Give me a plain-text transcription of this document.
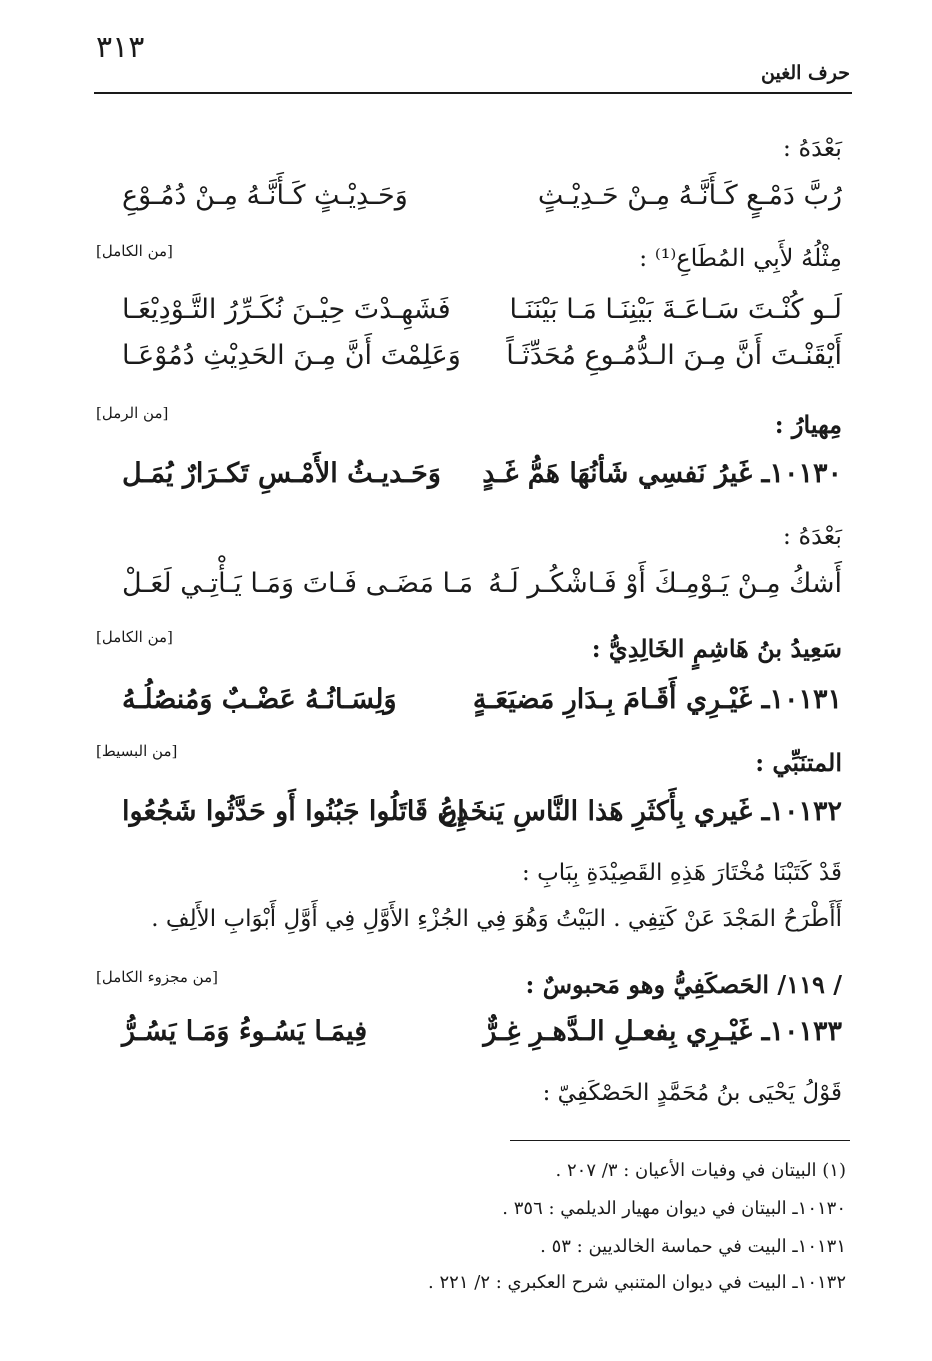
٣١٣
حرف الغين
بَعْدَهُ :
رُبَّ دَمْـعٍ كَـأَنَّـهُ مِـنْ حَـدِيْـثٍ
وَحَـدِيْـثٍ كَـأَنَّـهُ مِـنْ دُمُـوْعِ
مِثْلُهُ لأَبِي المُطَاعِ⁽¹⁾ :
[من الكامل]
لَـو كُنْـتَ سَـاعَـةَ بَيْنِنَـا مَـا بَيْنَنَـا
فَشَهِـدْتَ حِيْـنَ نُكَـرِّرُ التَّـوْدِيْعَـا
أَيْقَنْـتَ أَنَّ مِـنَ الـدُّمُـوعِ مُحَدِّثَـاً
وَعَلِمْتَ أَنَّ مِـنَ الحَدِيْثِ دُمُوْعَـا
مِهيارُ :
[من الرمل]
١٠١٣٠ـ غَيرُ نَفسِي شَأنُهَا هَمُّ غَـدٍ
وَحَـديـثُ الأَمْـسِ تَكـرَارٌ يُمَـل
بَعْدَهُ :
أَشكُ مِـنْ يَـوْمِـكَ أَوْ فَـاشْكُـر لَـهُ
مَـا مَضَـى فَـاتَ وَمَـا يَـأْتِـي لَعَـلْ
سَعِيدُ بنُ هَاشِمٍ الخَالِدِيُّ :
[من الكامل]
١٠١٣١ـ غَيْـرِي أَقَـامَ بِـدَارِ مَضيَعَـةٍ
وَلِسَـانُـهُ عَضْـبٌ وَمُنصُلُـهُ
المتنَبِّي :
[من البسيط]
١٠١٣٢ـ غَيري بِأَكثَرِ هَذا النَّاسِ يَنخَدِعُ
إِن قَاتَلُوا جَبُنُوا أَو حَدَّثُوا شَجُعُوا
قَدْ كَتَبْنَا مُخْتَارَ هَذِهِ القَصِيْدَةِ بِبَابِ :
أَأَطْرَحُ المَجْدَ عَنْ كَتِفِي . البَيْتُ وَهُوَ فِي الجُزْءِ الأَوَّلِ فِي أَوَّلِ أَبْوَابِ الأَلِفِ .
/ ١١٩/ الحَصكَفِيُّ وهو مَحبوسٌ :
[من مجزوء الكامل]
١٠١٣٣ـ غَيْـرِي بِفعـلِ الـدَّهـرِ غِـرٌّ
فِيمَـا يَسُـوءُ وَمَـا يَسُـرُّ
قَوْلُ يَحْيَى بنُ مُحَمَّدٍ الحَصْكَفِيّ :
(١) البيتان في وفيات الأعيان : ٣/ ٢٠٧ .
١٠١٣٠ـ البيتان في ديوان مهيار الديلمي : ٣٥٦ .
١٠١٣١ـ البيت في حماسة الخالديين : ٥٣ .
١٠١٣٢ـ البيت في ديوان المتنبي شرح العكبري : ٢/ ٢٢١ .
